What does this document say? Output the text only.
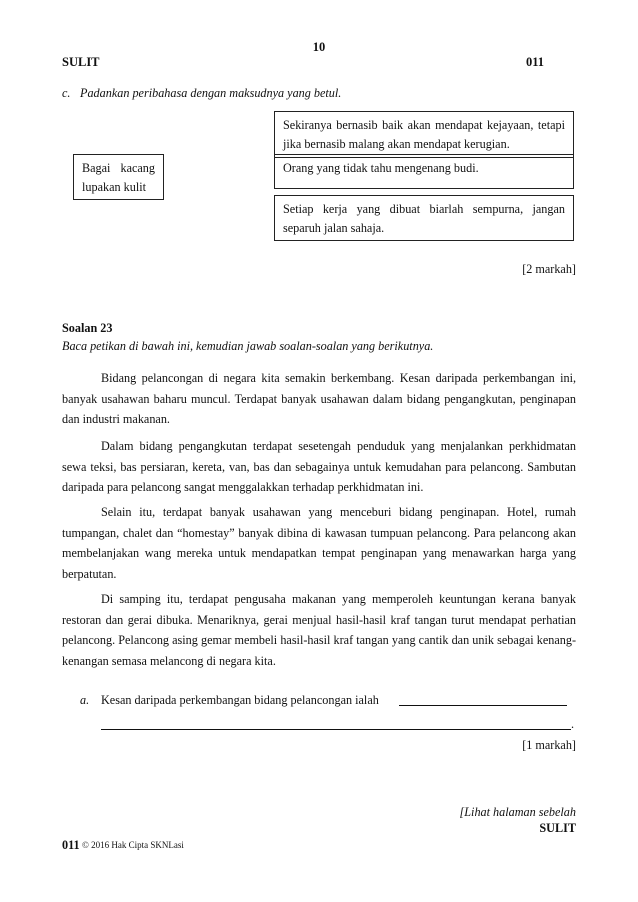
10
SULIT	011
c. Padankan peribahasa dengan maksudnya yang betul.
Bagai kacang lupakan kulit
Sekiranya bernasib baik akan mendapat kejayaan, tetapi jika bernasib malang akan mendapat kerugian.
Orang yang tidak tahu mengenang budi.
Setiap kerja yang dibuat biarlah sempurna, jangan separuh jalan sahaja.
[2 markah]
Soalan 23
Baca petikan di bawah ini, kemudian jawab soalan-soalan yang berikutnya.

Bidang pelancongan di negara kita semakin berkembang. Kesan daripada perkembangan ini, banyak usahawan baharu muncul. Terdapat banyak usahawan dalam bidang pengangkutan, penginapan dan industri makanan.

Dalam bidang pengangkutan terdapat sesetengah penduduk yang menjalankan perkhidmatan sewa teksi, bas persiaran, kereta, van, bas dan sebagainya untuk kemudahan para pelancong. Sambutan daripada para pelancong sangat menggalakkan terhadap perkhidmatan ini.

Selain itu, terdapat banyak usahawan yang menceburi bidang penginapan. Hotel, rumah tumpangan, chalet dan “homestay” banyak dibina di kawasan tumpuan pelancong. Para pelancong akan membelanjakan wang mereka untuk mendapatkan tempat penginapan yang menawarkan harga yang berpatutan.

Di samping itu, terdapat pengusaha makanan yang memperoleh keuntungan kerana banyak restoran dan gerai dibuka. Menariknya, gerai menjual hasil-hasil kraf tangan turut mendapat perhatian pelancong. Pelancong asing gemar membeli hasil-hasil kraf tangan yang cantik dan unik sebagai kenang-kenangan semasa melancong di negara kita.

a. Kesan daripada perkembangan bidang pelancongan ialah
.
[1 markah]
[Lihat halaman sebelah
SULIT
011 © 2016 Hak Cipta SKNLasi
